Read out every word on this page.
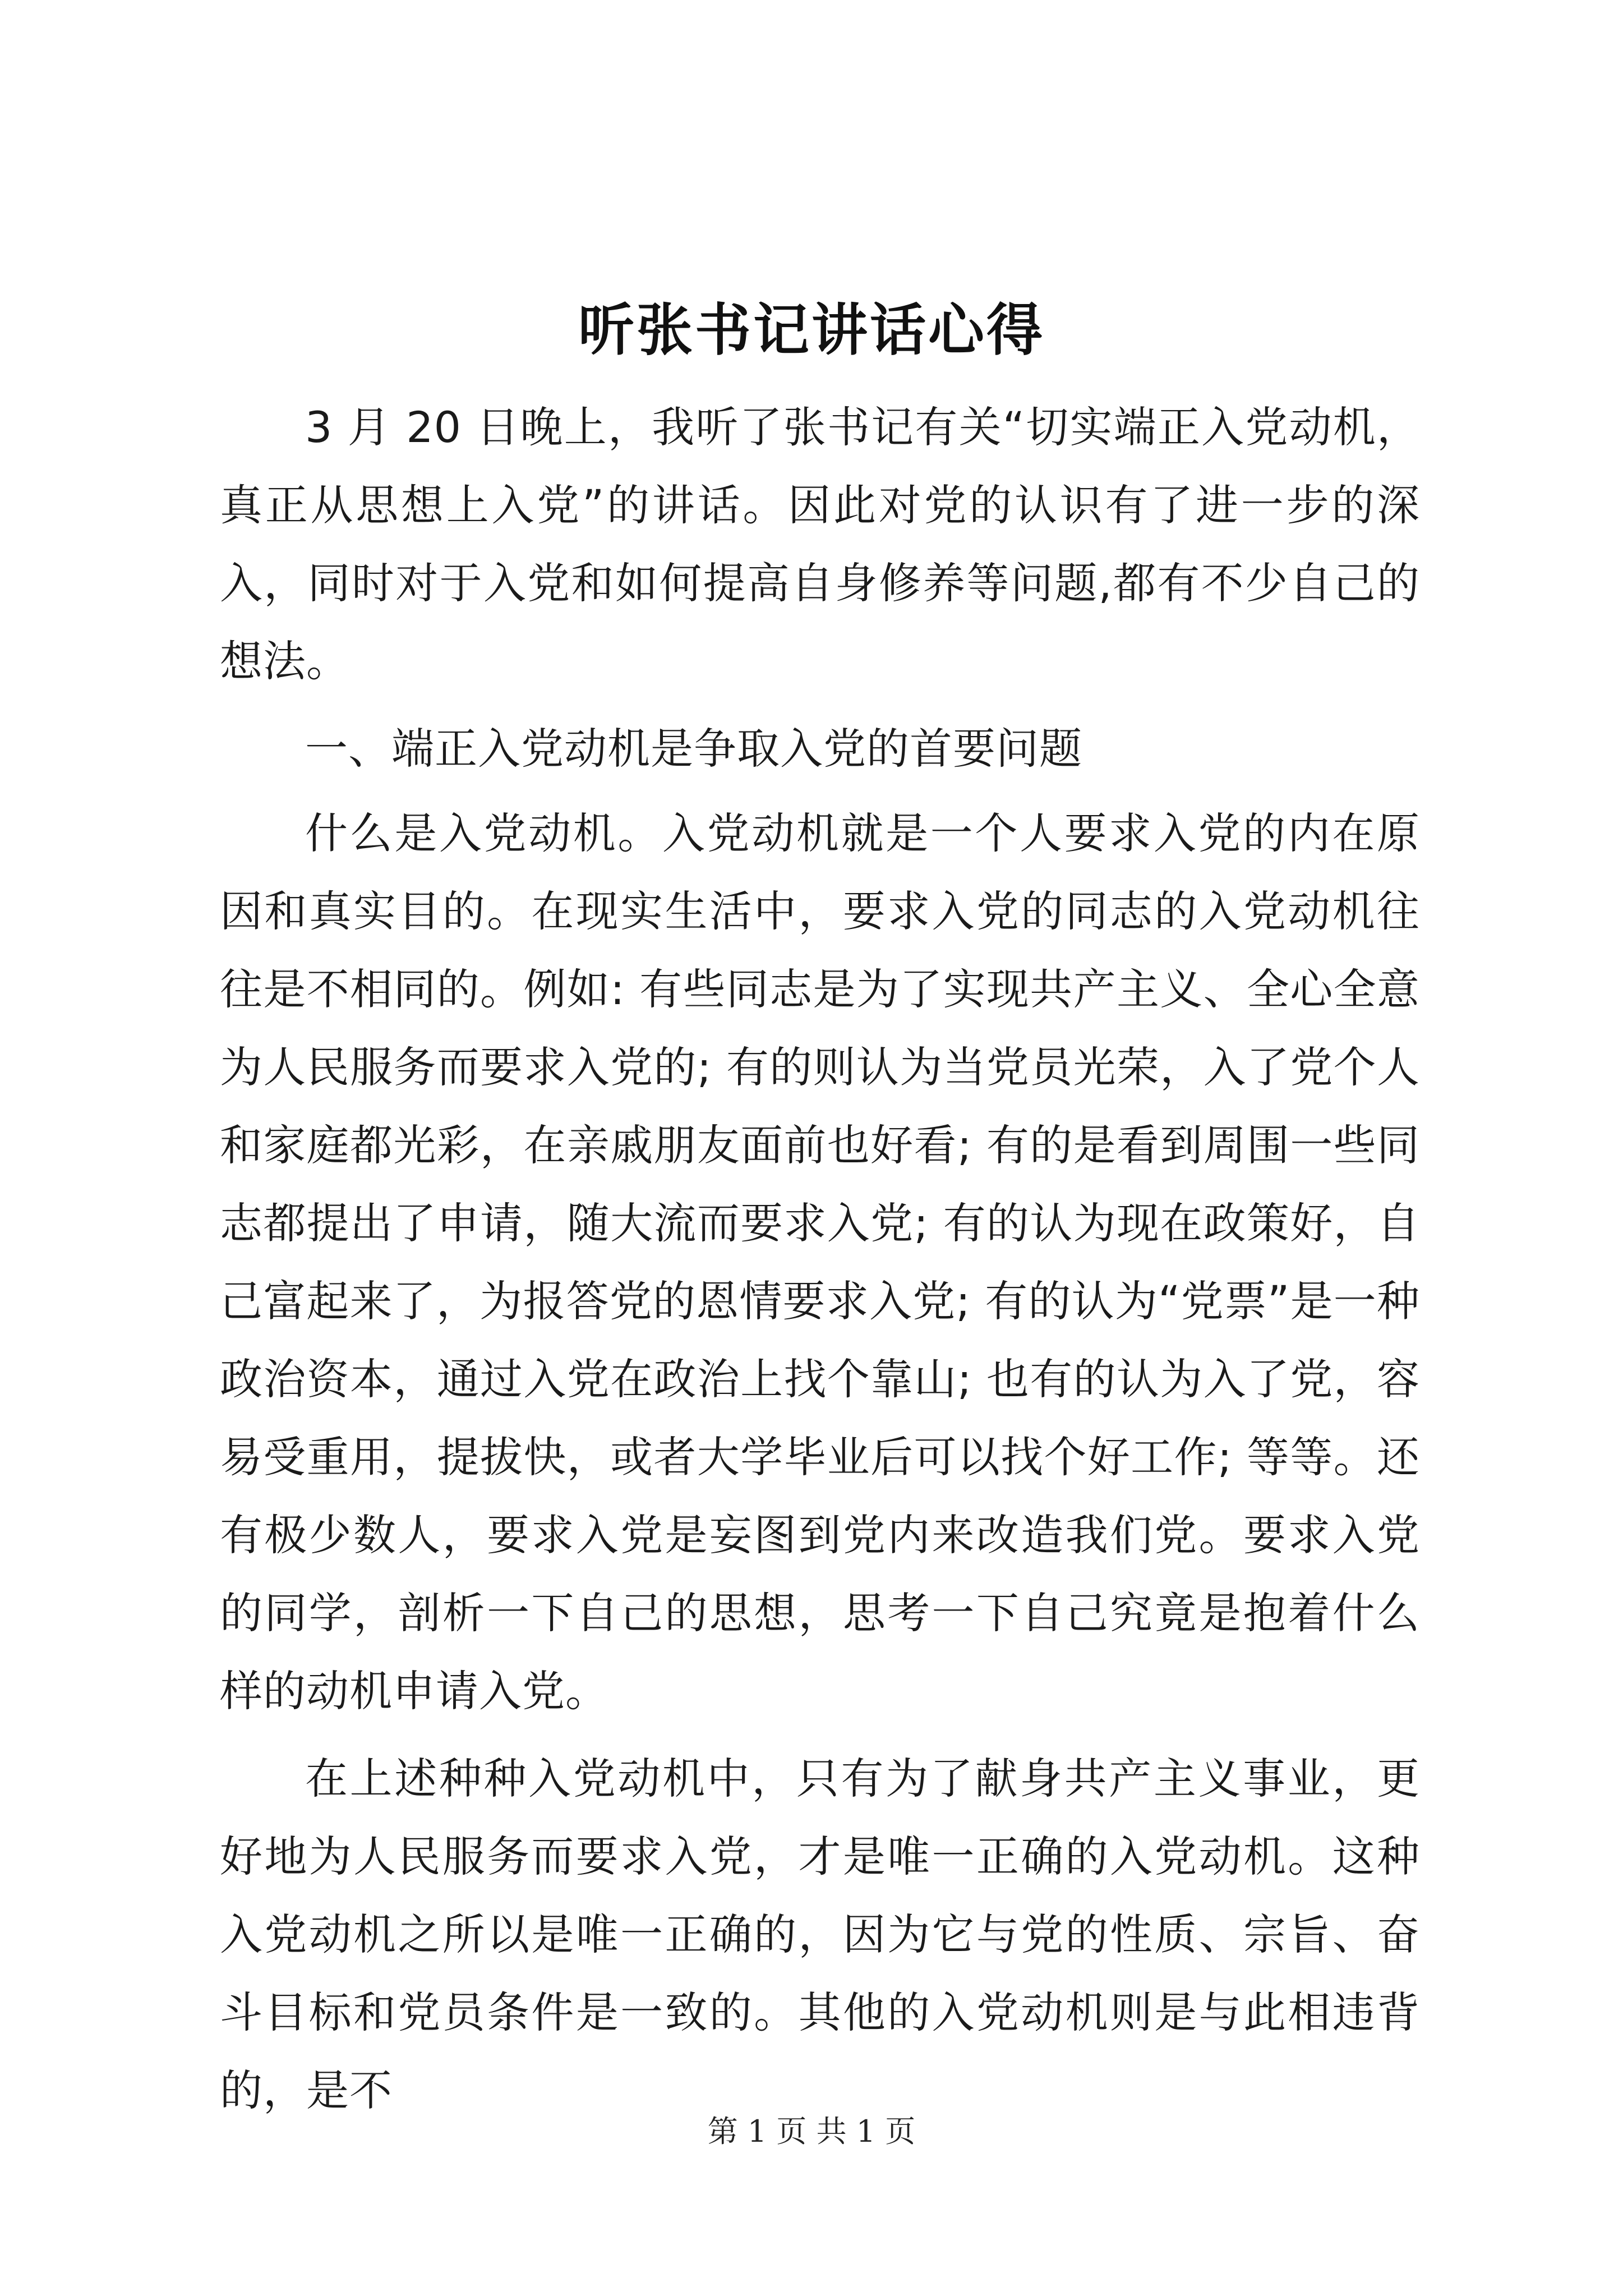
听张书记讲话心得

3 月 20 日晚上，我听了张书记有关“切实端正入党动机，真正从思想上入党”的讲话。因此对党的认识有了进一步的深入，同时对于入党和如何提高自身修养等问题,都有不少自己的想法。

一、端正入党动机是争取入党的首要问题

什么是入党动机。入党动机就是一个人要求入党的内在原因和真实目的。在现实生活中，要求入党的同志的入党动机往往是不相同的。例如: 有些同志是为了实现共产主义、全心全意为人民服务而要求入党的; 有的则认为当党员光荣，入了党个人和家庭都光彩，在亲戚朋友面前也好看; 有的是看到周围一些同志都提出了申请，随大流而要求入党; 有的认为现在政策好，自己富起来了，为报答党的恩情要求入党; 有的认为“党票”是一种政治资本，通过入党在政治上找个靠山; 也有的认为入了党，容易受重用，提拔快，或者大学毕业后可以找个好工作; 等等。还有极少数人，要求入党是妄图到党内来改造我们党。要求入党的同学，剖析一下自己的思想，思考一下自己究竟是抱着什么样的动机申请入党。

在上述种种入党动机中，只有为了献身共产主义事业，更好地为人民服务而要求入党，才是唯一正确的入党动机。这种入党动机之所以是唯一正确的，因为它与党的性质、宗旨、奋斗目标和党员条件是一致的。其他的入党动机则是与此相违背的，是不

第 1 页 共 1 页
